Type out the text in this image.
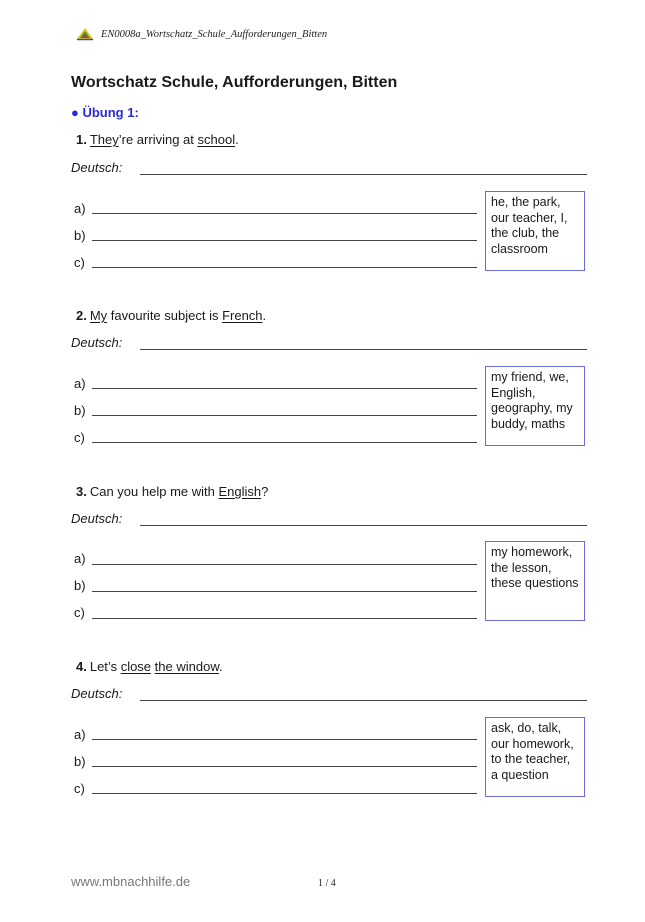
EN0008a_Wortschatz_Schule_Aufforderungen_Bitten
Wortschatz Schule, Aufforderungen, Bitten
● Übung 1:
1. They’re arriving at school.
Deutsch:
a)
b)
c)
he, the park, our teacher, I, the club, the classroom
2. My favourite subject is French.
Deutsch:
a)
b)
c)
my friend, we, English, geography, my buddy, maths
3. Can you help me with English?
Deutsch:
a)
b)
c)
my homework, the lesson, these questions
4. Let’s close the window.
Deutsch:
a)
b)
c)
ask, do, talk, our homework, to the teacher, a question
www.mbnachhilfe.de	1 / 4
